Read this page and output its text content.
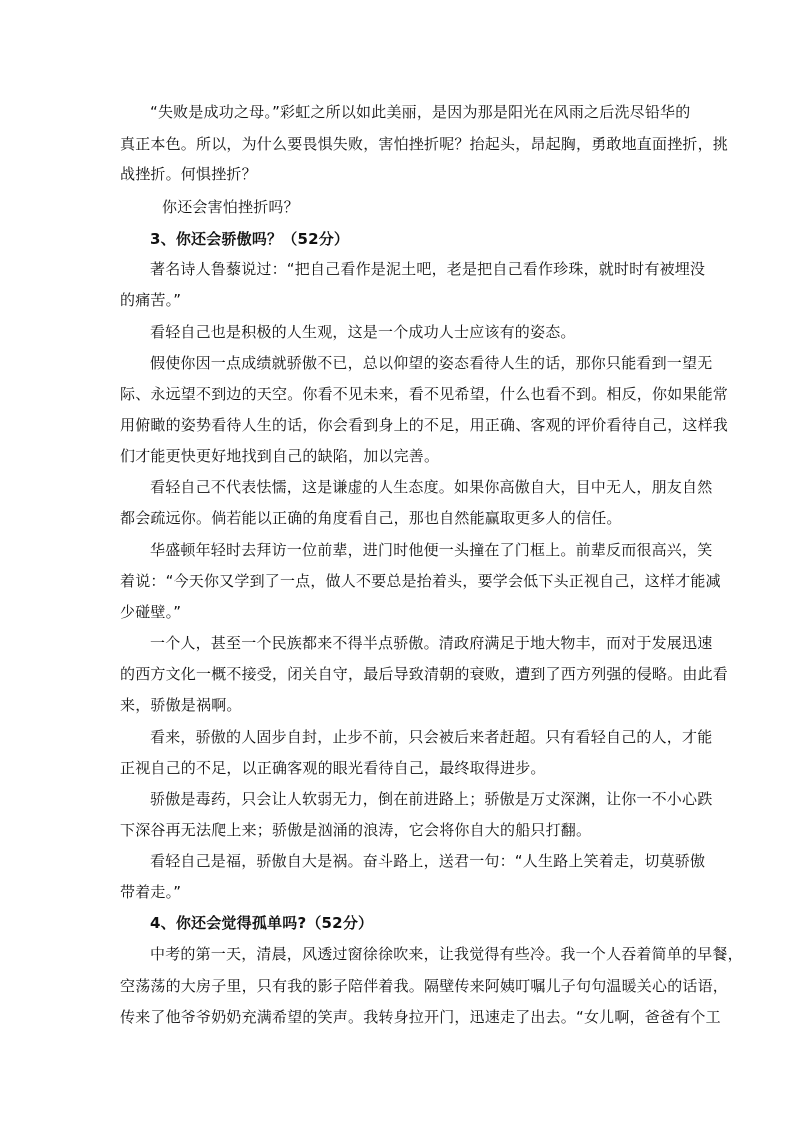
“失败是成功之母。”彩虹之所以如此美丽，是因为那是阳光在风雨之后洗尽铅华的
真正本色。所以，为什么要畏惧失败，害怕挫折呢？抬起头，昂起胸，勇敢地直面挫折，挑
战挫折。何惧挫折？
你还会害怕挫折吗？
3、你还会骄傲吗？（52分）
著名诗人鲁藜说过：“把自己看作是泥土吧，老是把自己看作珍珠，就时时有被埋没
的痛苦。”
看轻自己也是积极的人生观，这是一个成功人士应该有的姿态。
假使你因一点成绩就骄傲不已，总以仰望的姿态看待人生的话，那你只能看到一望无
际、永远望不到边的天空。你看不见未来，看不见希望，什么也看不到。相反，你如果能常
用俯瞰的姿势看待人生的话，你会看到身上的不足，用正确、客观的评价看待自己，这样我
们才能更快更好地找到自己的缺陷，加以完善。
看轻自己不代表怯懦，这是谦虚的人生态度。如果你高傲自大，目中无人，朋友自然
都会疏远你。倘若能以正确的角度看自己，那也自然能赢取更多人的信任。
华盛顿年轻时去拜访一位前辈，进门时他便一头撞在了门框上。前辈反而很高兴，笑
着说：“今天你又学到了一点，做人不要总是抬着头，要学会低下头正视自己，这样才能减
少碰壁。”
一个人，甚至一个民族都来不得半点骄傲。清政府满足于地大物丰，而对于发展迅速
的西方文化一概不接受，闭关自守，最后导致清朝的衰败，遭到了西方列强的侵略。由此看
来，骄傲是祸啊。
看来，骄傲的人固步自封，止步不前，只会被后来者赶超。只有看轻自己的人，才能
正视自己的不足，以正确客观的眼光看待自己，最终取得进步。
骄傲是毒药，只会让人软弱无力，倒在前进路上；骄傲是万丈深渊，让你一不小心跌
下深谷再无法爬上来；骄傲是汹涌的浪涛，它会将你自大的船只打翻。
看轻自己是福，骄傲自大是祸。奋斗路上，送君一句：“人生路上笑着走，切莫骄傲
带着走。”
4、你还会觉得孤单吗?（52分）
中考的第一天，清晨，风透过窗徐徐吹来，让我觉得有些冷。我一个人吞着简单的早餐，
空荡荡的大房子里，只有我的影子陪伴着我。隔壁传来阿姨叮嘱儿子句句温暖关心的话语，
传来了他爷爷奶奶充满希望的笑声。我转身拉开门，迅速走了出去。“女儿啊，爸爸有个工
